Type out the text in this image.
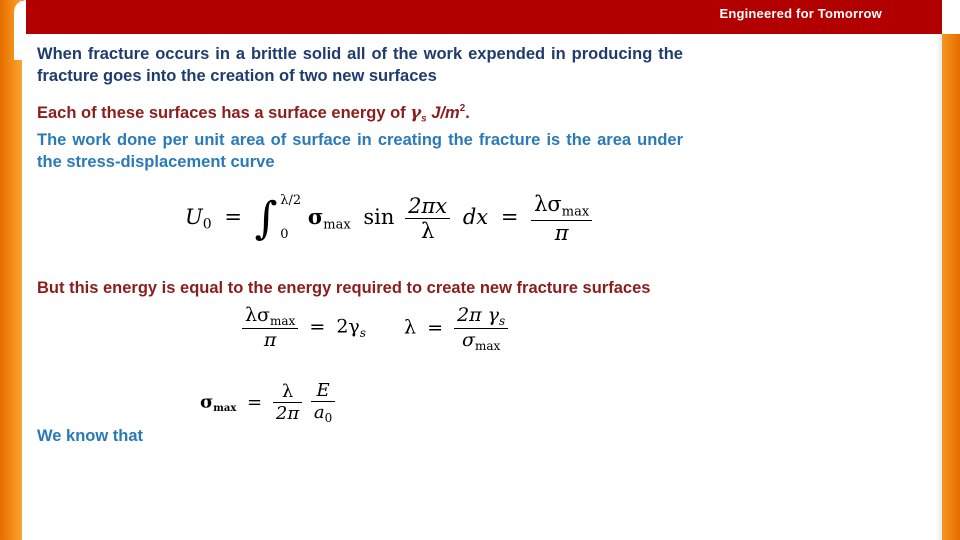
Engineered for Tomorrow

When fracture occurs in a brittle solid all of the work expended in producing the fracture goes into the creation of two new surfaces

Each of these surfaces has a surface energy of $\gamma_s$ $J/m^2$.

The work done per unit area of surface in creating the fracture is the area under the stress-displacement curve

But this energy is equal to the energy required to create new fracture surfaces

We know that

$U_0$ = ∫ λ/2
0
$\sigma_{max}$ $\sin \frac{2\pi x}{\lambda}$ dx = $\frac{\lambda\sigma_{max}}{\pi}$
$\frac{\lambda\sigma_{max}}{\pi} = 2\gamma_s$ $\lambda = \frac{2\pi \gamma_s}{\sigma_{max}}$
$\sigma_{max} = \frac{\lambda}{2\pi}$
$\frac{E}{a_0}$
